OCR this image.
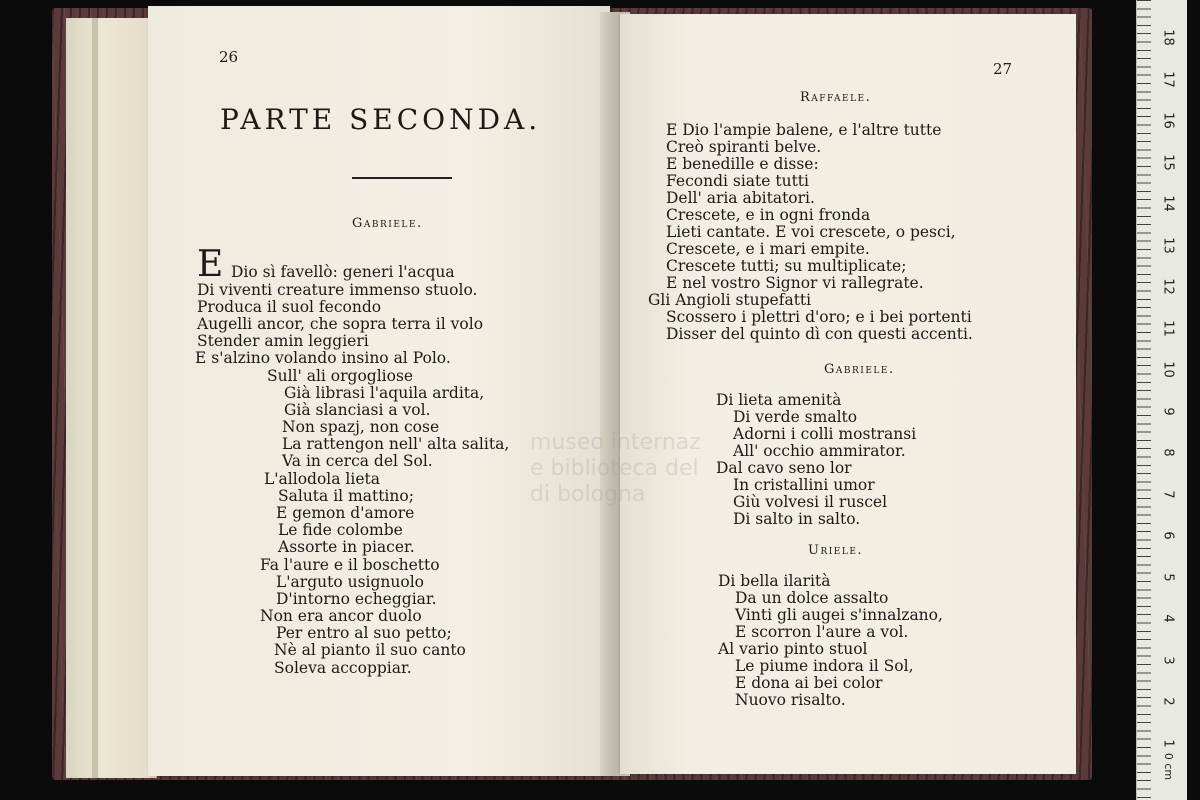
26
PARTE SECONDA.
Gabriele.
E Dio sì favellò: generi l'acqua
Di viventi creature immenso stuolo.
Produca il suol fecondo
Augelli ancor, che sopra terra il volo
Stender amin leggieri
E s'alzino volando insino al Polo.
Sull' ali orgogliose
Già librasi l'aquila ardita,
Già slanciasi a vol.
Non spazj, non cose
La rattengon nell' alta salita,
Va in cerca del Sol.
L'allodola lieta
Saluta il mattino;
E gemon d'amore
Le fide colombe
Assorte in piacer.
Fa l'aure e il boschetto
L'arguto usignuolo
D'intorno echeggiar.
Non era ancor duolo
Per entro al suo petto;
Nè al pianto il suo canto
Soleva accoppiar.
27
Raffaele.
E Dio l'ampie balene, e l'altre tutte
Creò spiranti belve.
E benedille e disse:
Fecondi siate tutti
Dell' aria abitatori.
Crescete, e in ogni fronda
Lieti cantate. E voi crescete, o pesci,
Crescete, e i mari empite.
Crescete tutti; su multiplicate;
E nel vostro Signor vi rallegrate.
Gli Angioli stupefatti
Scossero i plettri d'oro; e i bei portenti
Disser del quinto dì con questi accenti.
Gabriele.
Di lieta amenità
Di verde smalto
Adorni i colli mostransi
All' occhio ammirator.
Dal cavo seno lor
In cristallini umor
Giù volvesi il ruscel
Di salto in salto.
Uriele.
Di bella ilarità
Da un dolce assalto
Vinti gli augei s'innalzano,
E scorron l'aure a vol.
Al vario pinto stuol
Le piume indora il Sol,
E dona ai bei color
Nuovo risalto.
museo internaz
e biblioteca del
di bologna
18
17
16
15
14
13
12
11
10
9
8
7
6
5
4
3
2
1
0 cm
